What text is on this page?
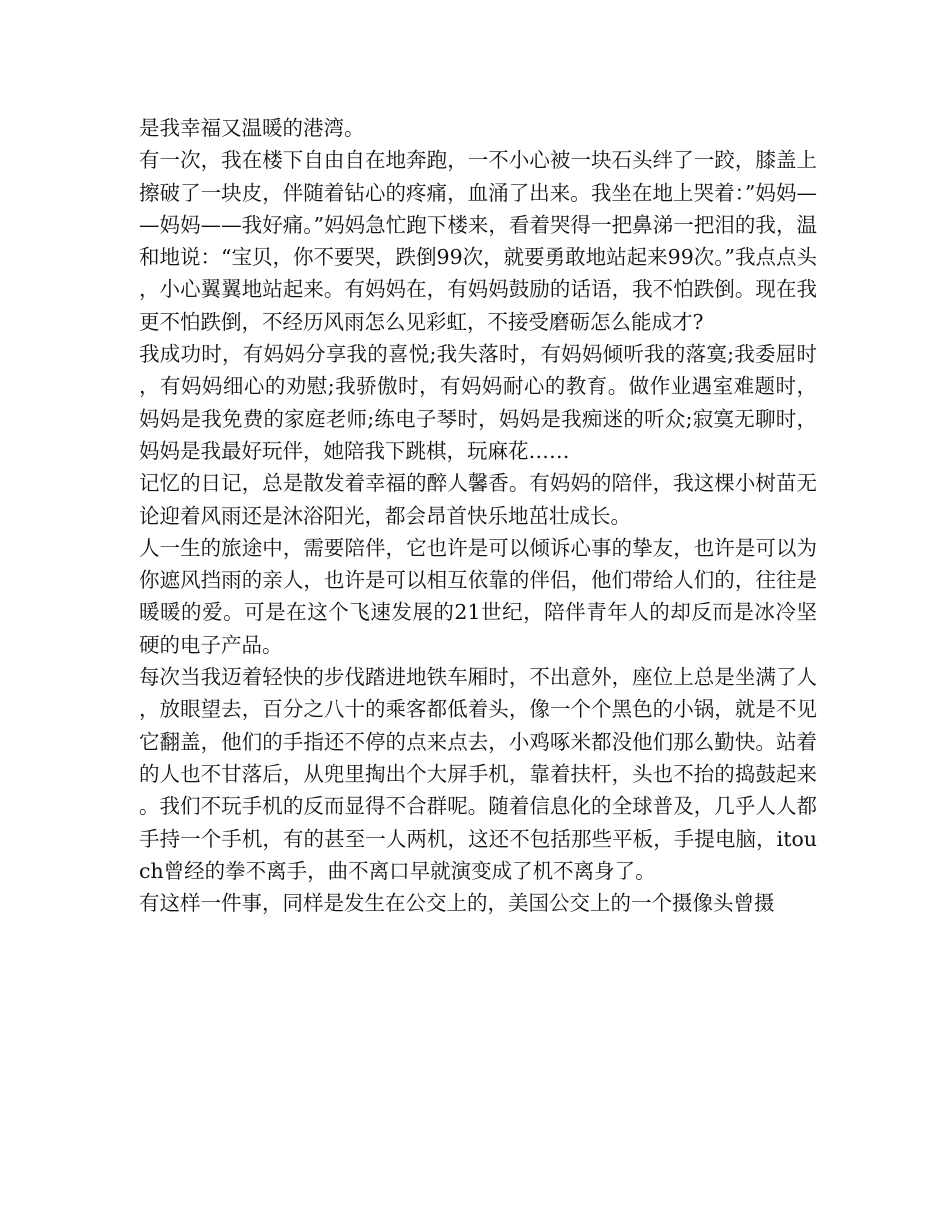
是我幸福又温暖的港湾。

有一次，我在楼下自由自在地奔跑，一不小心被一块石头绊了一跤，膝盖上擦破了一块皮，伴随着钻心的疼痛，血涌了出来。我坐在地上哭着：”妈妈——妈妈——我好痛。”妈妈急忙跑下楼来，看着哭得一把鼻涕一把泪的我，温和地说：“宝贝，你不要哭，跌倒99次，就要勇敢地站起来99次。”我点点头，小心翼翼地站起来。有妈妈在，有妈妈鼓励的话语，我不怕跌倒。现在我更不怕跌倒，不经历风雨怎么见彩虹，不接受磨砺怎么能成才?

我成功时，有妈妈分享我的喜悦;我失落时，有妈妈倾听我的落寞;我委屈时，有妈妈细心的劝慰;我骄傲时，有妈妈耐心的教育。做作业遇室难题时，妈妈是我免费的家庭老师;练电子琴时，妈妈是我痴迷的听众;寂寞无聊时，妈妈是我最好玩伴，她陪我下跳棋，玩麻花……

记忆的日记，总是散发着幸福的醉人馨香。有妈妈的陪伴，我这棵小树苗无论迎着风雨还是沐浴阳光，都会昂首快乐地茁壮成长。

人一生的旅途中，需要陪伴，它也许是可以倾诉心事的挚友，也许是可以为你遮风挡雨的亲人，也许是可以相互依靠的伴侣，他们带给人们的，往往是暖暖的爱。可是在这个飞速发展的21世纪，陪伴青年人的却反而是冰冷坚硬的电子产品。

每次当我迈着轻快的步伐踏进地铁车厢时，不出意外，座位上总是坐满了人，放眼望去，百分之八十的乘客都低着头，像一个个黑色的小锅，就是不见它翻盖，他们的手指还不停的点来点去，小鸡啄米都没他们那么勤快。站着的人也不甘落后，从兜里掏出个大屏手机，靠着扶杆，头也不抬的捣鼓起来。我们不玩手机的反而显得不合群呢。随着信息化的全球普及，几乎人人都手持一个手机，有的甚至一人两机，这还不包括那些平板，手提电脑，itouch曾经的拳不离手，曲不离口早就演变成了机不离身了。

有这样一件事，同样是发生在公交上的，美国公交上的一个摄像头曾摄
